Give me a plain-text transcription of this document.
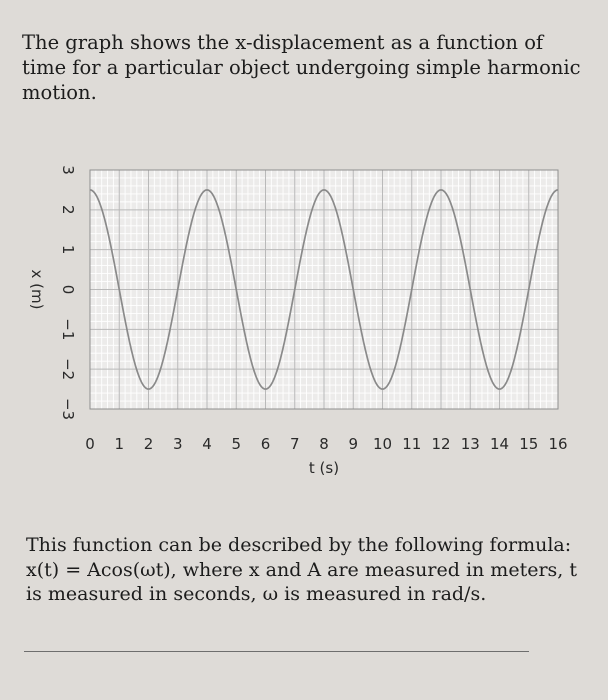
The graph shows the x-displacement as a function of time for a particular object undergoing simple harmonic motion.
0 1 2 3 4 5 6 7 8 9 10 11 12 13 14 15 16
−3
−2
−1
0
1
2
3
t (s)
x (m)
This function can be described by the following formula: x(t) = Acos(ωt), where x and A are measured in meters, t is measured in seconds, ω is measured in rad/s.
